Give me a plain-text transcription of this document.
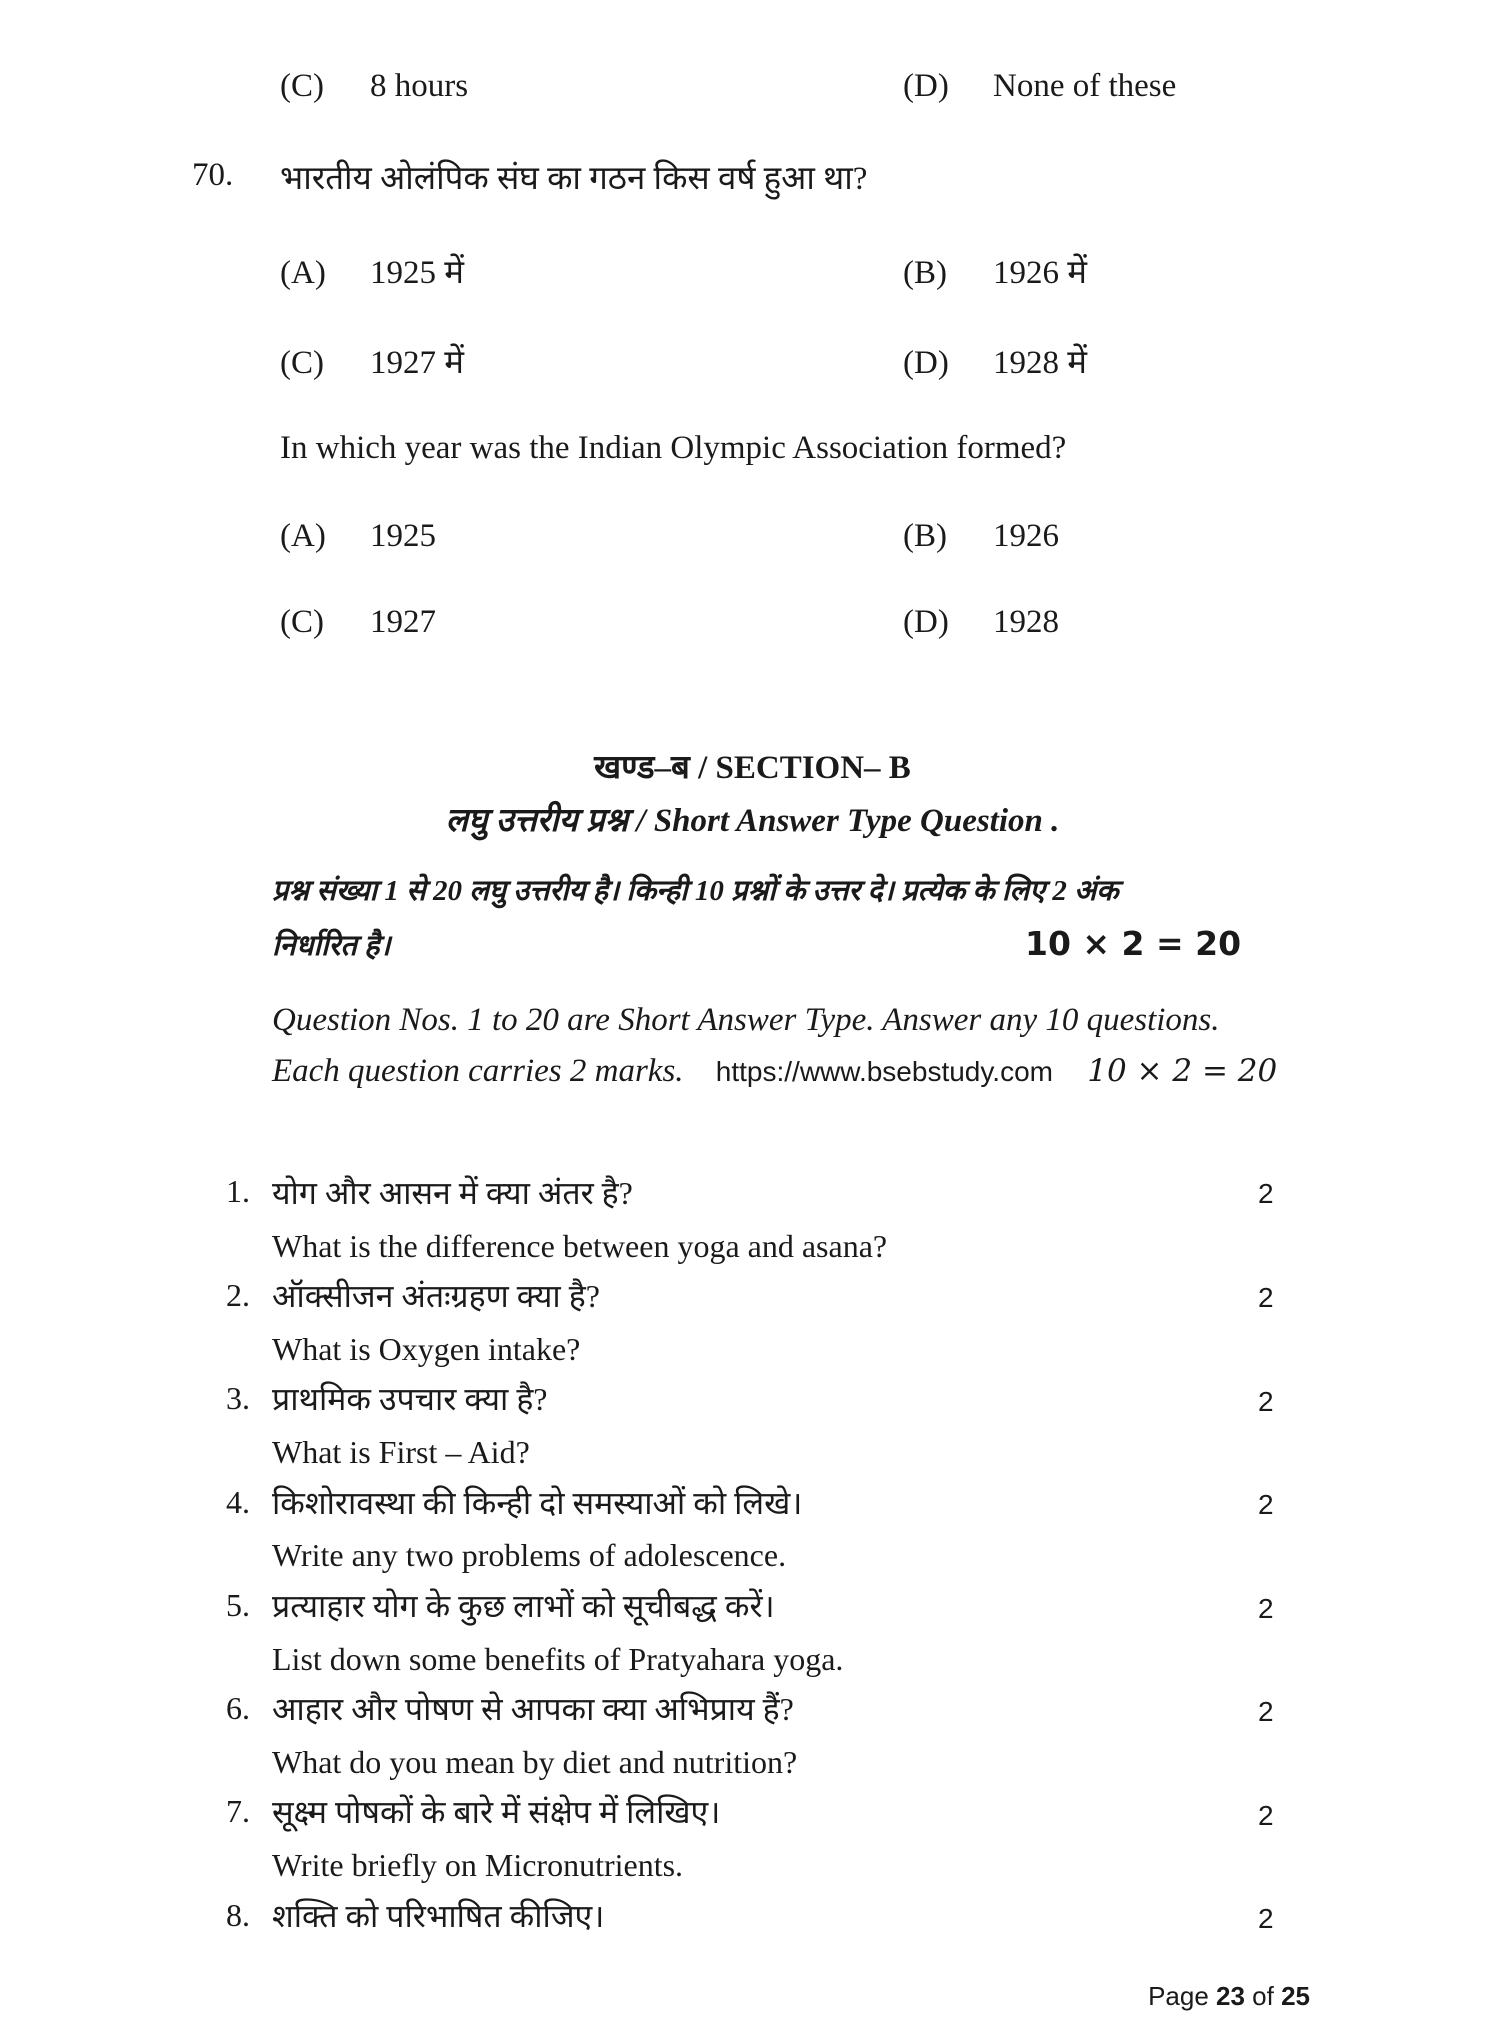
(C) 8 hours	(D) None of these
70. भारतीय ओलंपिक संघ का गठन किस वर्ष हुआ था?
(A) 1925 में	(B) 1926 में
(C) 1927 में	(D) 1928 में
In which year was the Indian Olympic Association formed?
(A) 1925	(B) 1926
(C) 1927	(D) 1928
खण्ड–ब / SECTION– B
लघु उत्तरीय प्रश्न / Short Answer Type Question .
प्रश्न संख्या 1 से 20 लघु उत्तरीय है। किन्ही 10 प्रश्नों के उत्तर दे। प्रत्येक के लिए 2 अंक
निर्धारित है।	10 × 2 = 20
Question Nos. 1 to 20 are Short Answer Type. Answer any 10 questions.
Each question carries 2 marks. https://www.bsebstudy.com 10 × 2 = 20
1. योग और आसन में क्या अंतर है?	2
What is the difference between yoga and asana?
2. ऑक्सीजन अंतःग्रहण क्या है?	2
What is Oxygen intake?
3. प्राथमिक उपचार क्या है?	2
What is First – Aid?
4. किशोरावस्था की किन्ही दो समस्याओं को लिखे।	2
Write any two problems of adolescence.
5. प्रत्याहार योग के कुछ लाभों को सूचीबद्ध करें।	2
List down some benefits of Pratyahara yoga.
6. आहार और पोषण से आपका क्या अभिप्राय हैं?	2
What do you mean by diet and nutrition?
7. सूक्ष्म पोषकों के बारे में संक्षेप में लिखिए।	2
Write briefly on Micronutrients.
8. शक्ति को परिभाषित कीजिए।	2
Page 23 of 25
